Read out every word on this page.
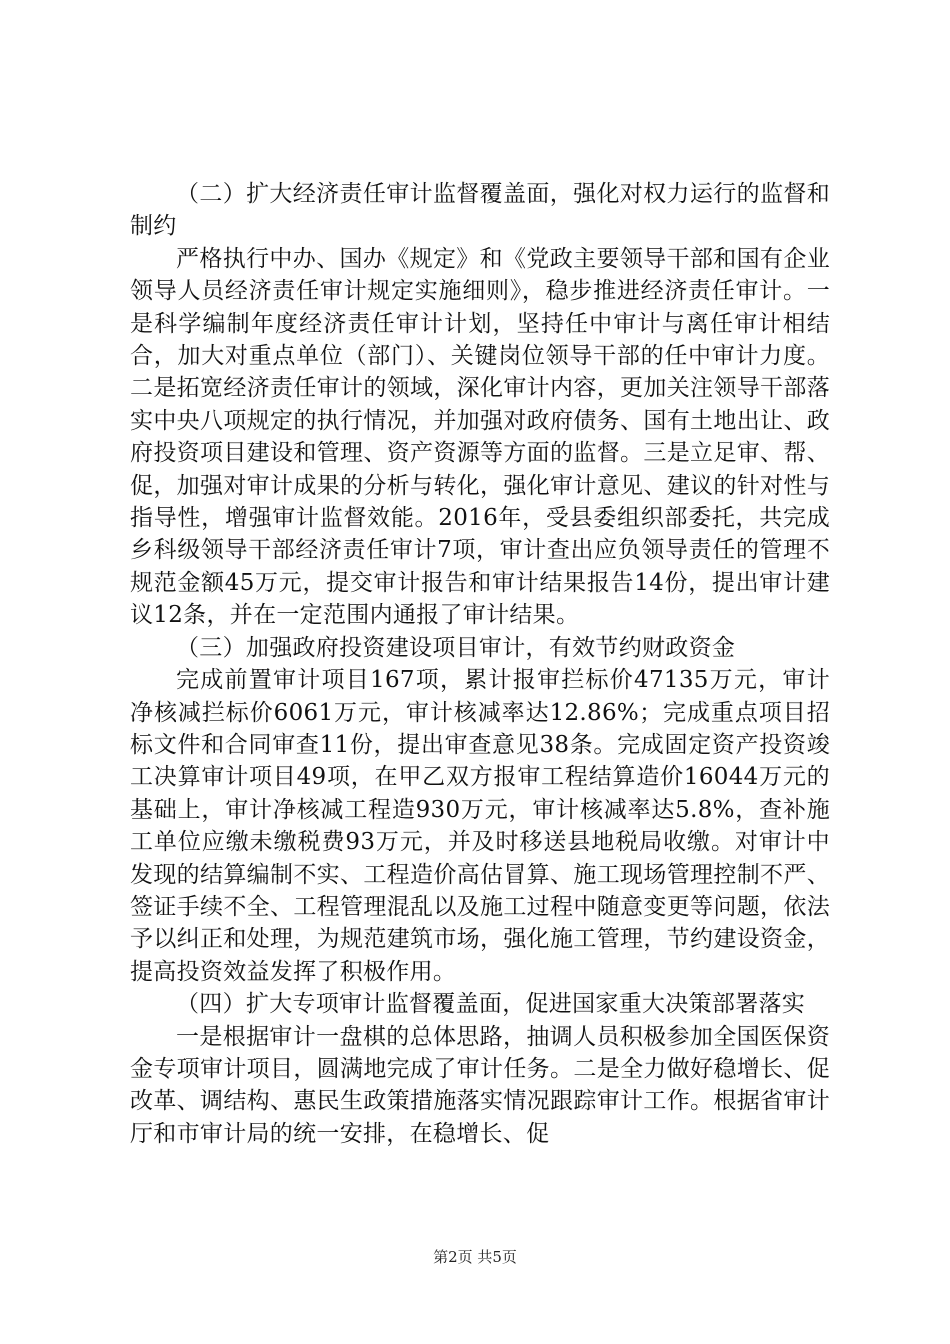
（二）扩大经济责任审计监督覆盖面，强化对权力运行的监督和制约

严格执行中办、国办《规定》和《党政主要领导干部和国有企业领导人员经济责任审计规定实施细则》，稳步推进经济责任审计。一是科学编制年度经济责任审计计划，坚持任中审计与离任审计相结合，加大对重点单位（部门）、关键岗位领导干部的任中审计力度。二是拓宽经济责任审计的领域，深化审计内容，更加关注领导干部落实中央八项规定的执行情况，并加强对政府债务、国有土地出让、政府投资项目建设和管理、资产资源等方面的监督。三是立足审、帮、促，加强对审计成果的分析与转化，强化审计意见、建议的针对性与指导性，增强审计监督效能。2016年，受县委组织部委托，共完成乡科级领导干部经济责任审计7项，审计查出应负领导责任的管理不规范金额45万元，提交审计报告和审计结果报告14份，提出审计建议12条，并在一定范围内通报了审计结果。

（三）加强政府投资建设项目审计，有效节约财政资金

完成前置审计项目167项，累计报审拦标价47135万元，审计净核减拦标价6061万元，审计核减率达12.86%；完成重点项目招标文件和合同审查11份，提出审查意见38条。完成固定资产投资竣工决算审计项目49项，在甲乙双方报审工程结算造价16044万元的基础上，审计净核减工程造930万元，审计核减率达5.8%，查补施工单位应缴未缴税费93万元，并及时移送县地税局收缴。对审计中发现的结算编制不实、工程造价高估冒算、施工现场管理控制不严、签证手续不全、工程管理混乱以及施工过程中随意变更等问题，依法予以纠正和处理，为规范建筑市场，强化施工管理，节约建设资金，提高投资效益发挥了积极作用。

（四）扩大专项审计监督覆盖面，促进国家重大决策部署落实

一是根据审计一盘棋的总体思路，抽调人员积极参加全国医保资金专项审计项目，圆满地完成了审计任务。二是全力做好稳增长、促改革、调结构、惠民生政策措施落实情况跟踪审计工作。根据省审计厅和市审计局的统一安排，在稳增长、促

第2页 共5页
